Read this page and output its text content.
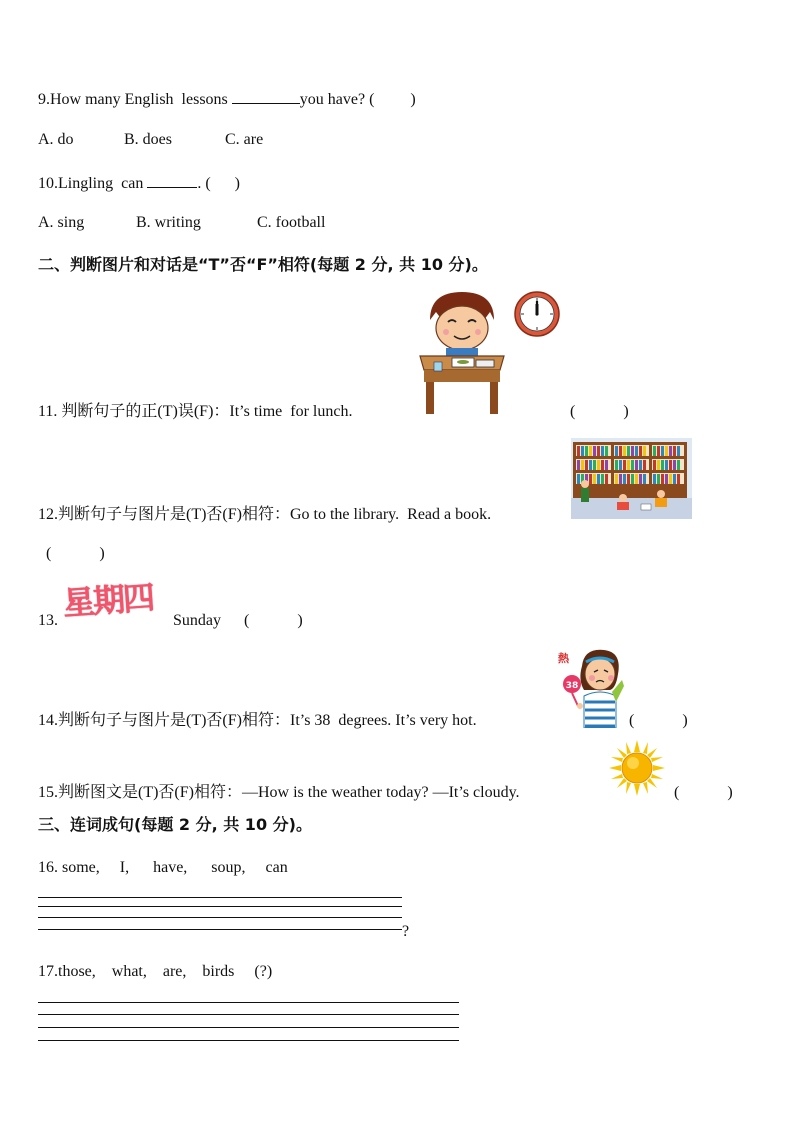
9.How many English  lessons	you have? (         )
A. do	B. does	C. are
10.Lingling  can	. (      )
A. sing	B. writing	C. football
二、判断图片和对话是“T”否“F”相符(每题 2 分, 共 10 分)。
11. 判断句子的正(T)误(F)：It’s time  for lunch.	(            )
12.判断句子与图片是(T)否(F)相符：Go to the library.  Read a book.
(            )
13. 星期四	Sunday (            )
熱
38
14.判断句子与图片是(T)否(F)相符：It’s 38  degrees. It’s very hot.	(            )
15.判断图文是(T)否(F)相符：—How is the weather today? —It’s cloudy.	(            )
三、连词成句(每题 2 分, 共 10 分)。
16. some,     I,      have,      soup,     can
?
17.those,    what,    are,    birds     (?)
